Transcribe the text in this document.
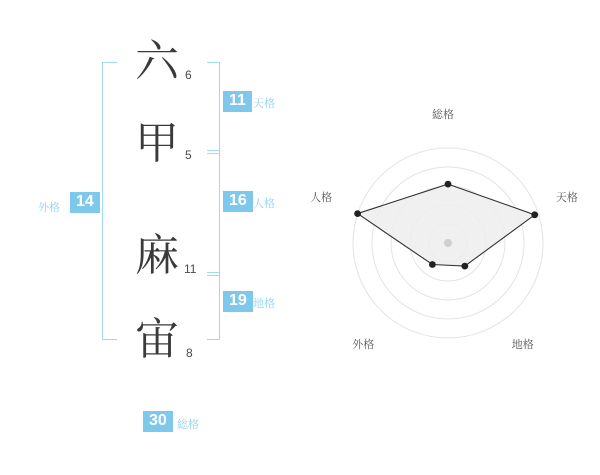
六 6
甲 5
麻 11
宙 8
11 天格
16 人格
19 地格
外格	14
30 総格
総格
天格
地格
外格
人格
